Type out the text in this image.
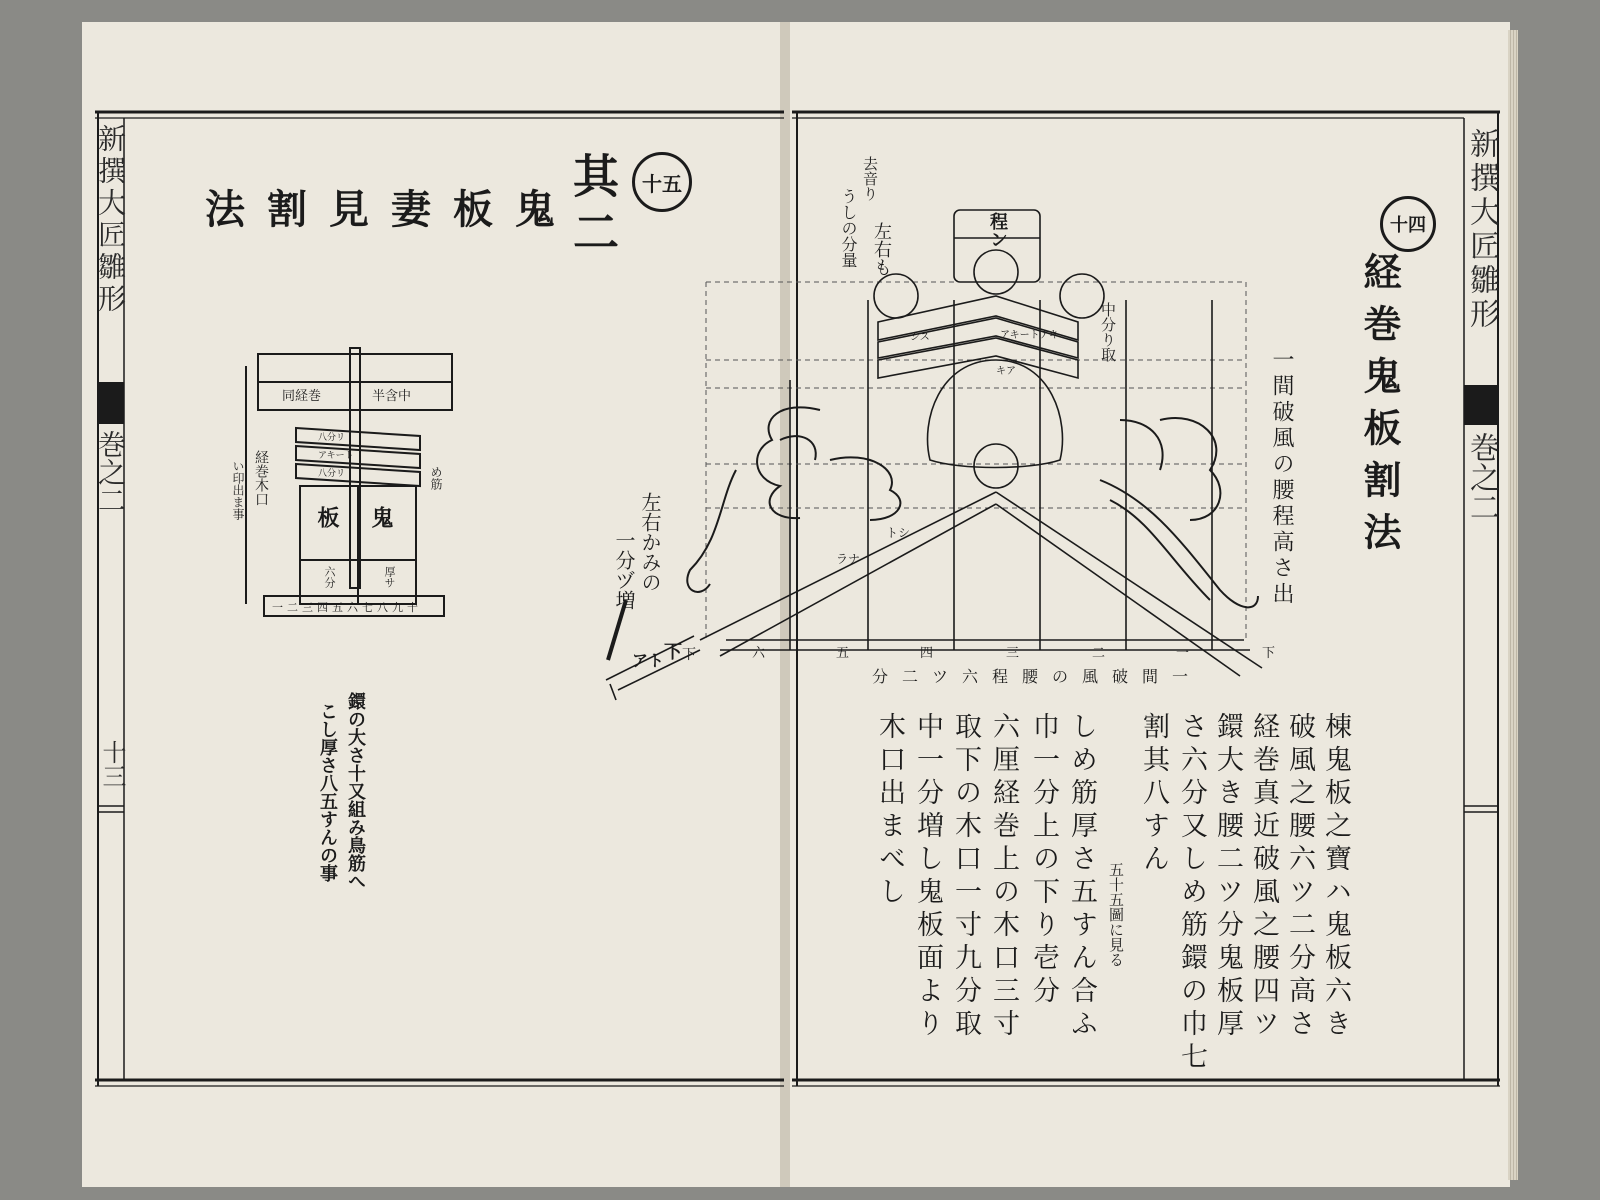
新撰大匠雛形
巻之二
十三
十五
其二
鬼板妻見割法
中含半
巻経同
リ分八
トーキア
リ分八
鬼
板
厚サ
六分
経巻木口
い印出ま事	め筋
十九八七六五四三二一
左右かみの
一分ヅ増
鐶の大さ十又組み鳥筋へ
こし厚さ八五すんの事
新撰大匠雛形
巻之二
十四
経巻鬼板割法
一間破風の腰程高さ出
去音り
左右も
うしの分量	程ン
キアトーキア
シス
キア
中分り取
トシ
ラナ
下
六	五	四	三	二	一
下
下
アト
一間破風の腰程六ツ二分
棟鬼板之寶ハ鬼板六き
破風之腰六ツ二分高さ
経巻真近破風之腰四ツ
鐶大き腰二ツ分鬼板厚
さ六分又しめ筋鐶の巾七
割其八すん
五十五圖に見る
しめ筋厚さ五すん合ふ
巾一分上の下り壱分
六厘経巻上の木口三寸
取下の木口一寸九分取
中一分増し鬼板面より
木口出まべし
